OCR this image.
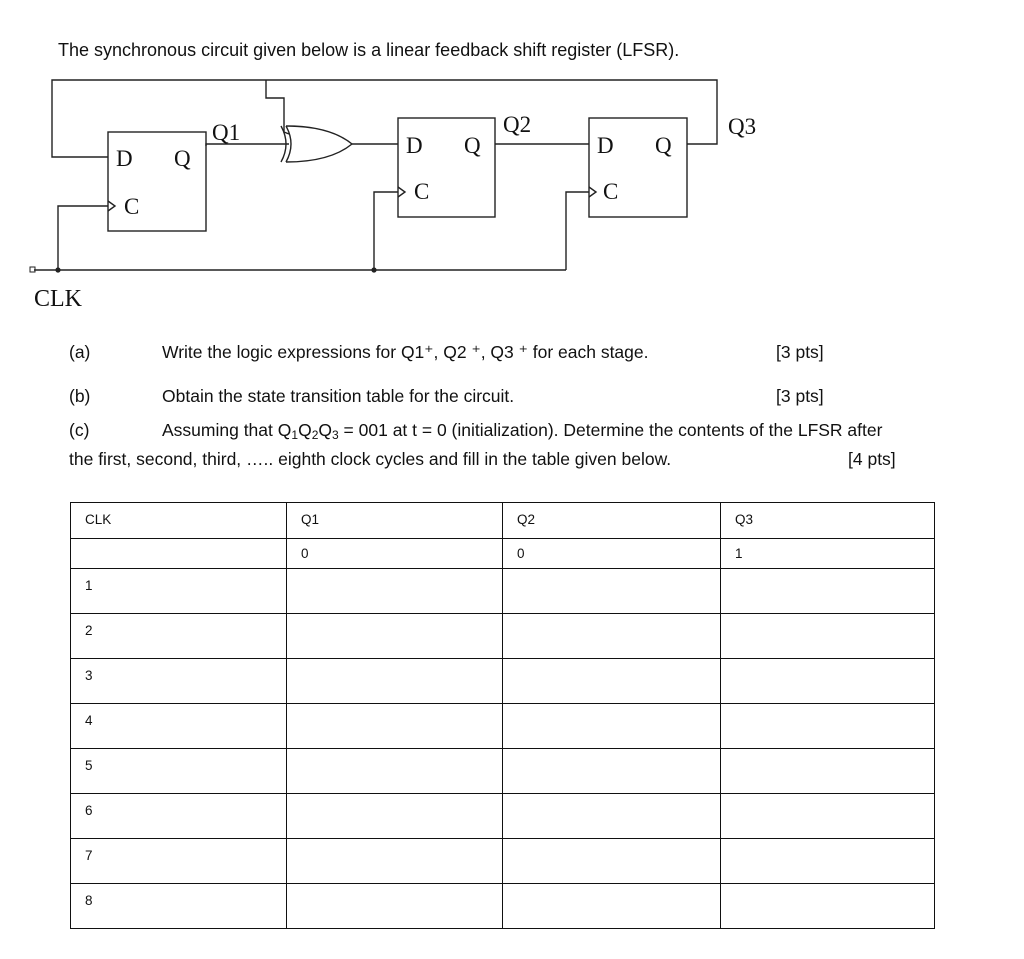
The synchronous circuit given below is a linear feedback shift register (LFSR).
D Q
C
D Q
C
D Q
C
Q1	Q2	Q3
CLK
(a)	Write the logic expressions for Q1⁺, Q2 ⁺, Q3 ⁺ for each stage.	[3 pts]
(b)	Obtain the state transition table for the circuit.	[3 pts]
(c)	Assuming that $Q_1Q_2Q_3 = 001$ at t = 0 (initialization). Determine the contents of the LFSR after
the first, second, third, ….. eighth clock cycles and fill in the table given below.	[4 pts]
CLK	Q1	Q2	Q3
	0	0	1
1			
2			
3			
4			
5			
6			
7			
8			
